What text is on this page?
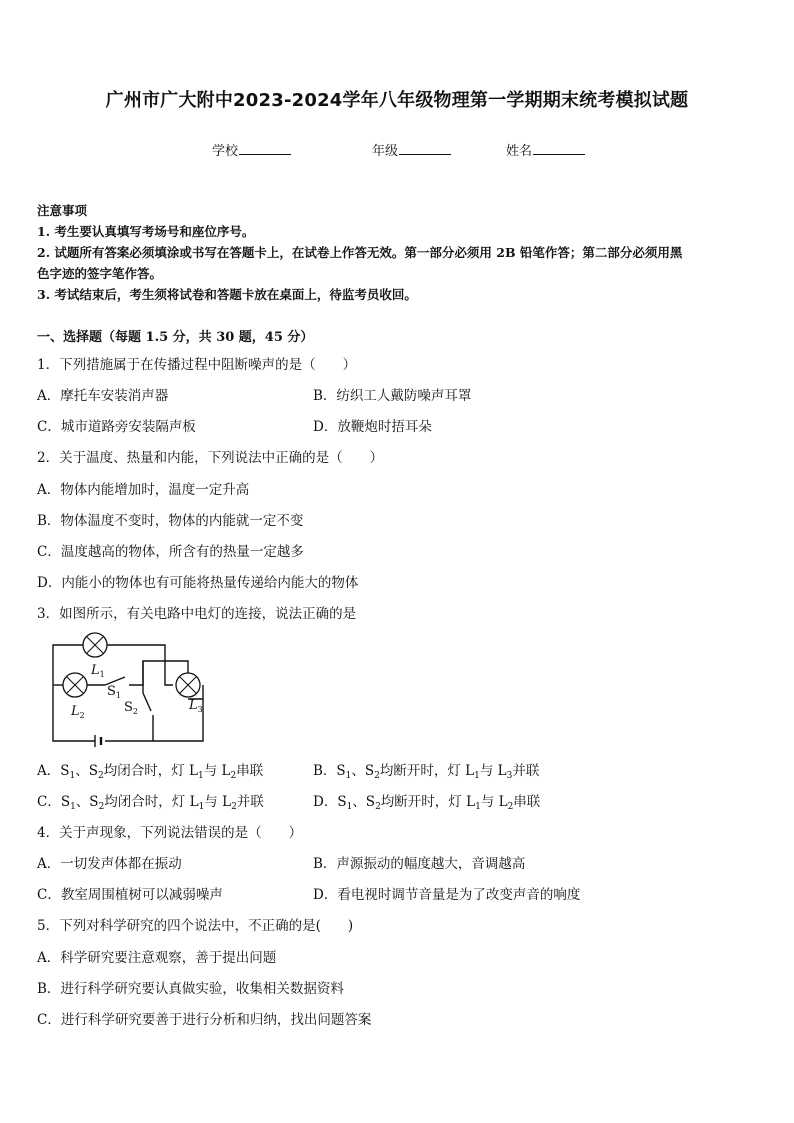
广州市广大附中2023-2024学年八年级物理第一学期期末统考模拟试题
学校	年级	姓名
注意事项
1. 考生要认真填写考场号和座位序号。
2. 试题所有答案必须填涂或书写在答题卡上，在试卷上作答无效。第一部分必须用 2B 铅笔作答；第二部分必须用黑
色字迹的签字笔作答。
3. 考试结束后，考生须将试卷和答题卡放在桌面上，待监考员收回。
一、选择题（每题 1.5 分，共 30 题，45 分）
1．下列措施属于在传播过程中阻断噪声的是（　　）
A．摩托车安装消声器	B．纺织工人戴防噪声耳罩
C．城市道路旁安装隔声板	D．放鞭炮时捂耳朵
2．关于温度、热量和内能，下列说法中正确的是（　　）
A．物体内能增加时，温度一定升高
B．物体温度不变时，物体的内能就一定不变
C．温度越高的物体，所含有的热量一定越多
D．内能小的物体也有可能将热量传递给内能大的物体
3．如图所示，有关电路中电灯的连接，说法正确的是
$L_1$
$L_2$
$L_3$
$S_1$
$S_2$
A．$S_1$、$S_2$均闭合时，灯 $L_1$与 $L_2$串联	B．$S_1$、$S_2$均断开时，灯 $L_1$与 $L_3$并联
C．$S_1$、$S_2$均闭合时，灯 $L_1$与 $L_2$并联	D．$S_1$、$S_2$均断开时，灯 $L_1$与 $L_2$串联
4．关于声现象，下列说法错误的是（　　）
A．一切发声体都在振动	B．声源振动的幅度越大，音调越高
C．教室周围植树可以减弱噪声	D．看电视时调节音量是为了改变声音的响度
5．下列对科学研究的四个说法中，不正确的是(　　)
A．科学研究要注意观察，善于提出问题
B．进行科学研究要认真做实验，收集相关数据资料
C．进行科学研究要善于进行分析和归纳，找出问题答案
